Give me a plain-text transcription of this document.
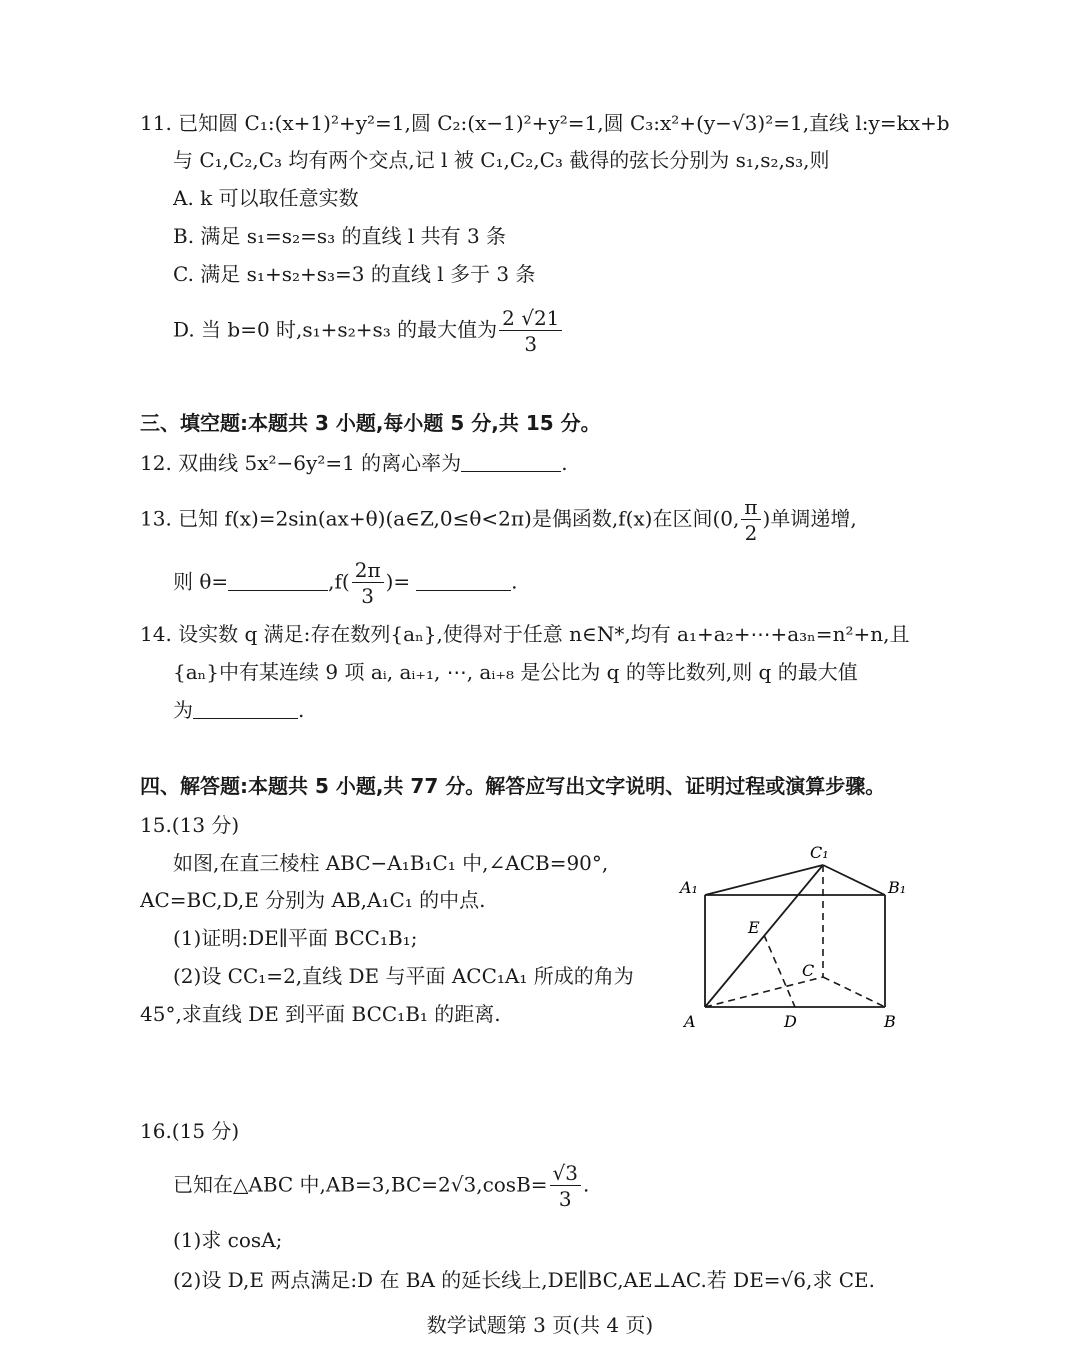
11. 已知圆 C₁:(x+1)²+y²=1,圆 C₂:(x−1)²+y²=1,圆 C₃:x²+(y−√3)²=1,直线 l:y=kx+b
与 C₁,C₂,C₃ 均有两个交点,记 l 被 C₁,C₂,C₃ 截得的弦长分别为 s₁,s₂,s₃,则
A. k 可以取任意实数
B. 满足 s₁=s₂=s₃ 的直线 l 共有 3 条
C. 满足 s₁+s₂+s₃=3 的直线 l 多于 3 条
D. 当 b=0 时,s₁+s₂+s₃ 的最大值为 $\frac{2 √21}{3}$
三、填空题:本题共 3 小题,每小题 5 分,共 15 分。
12. 双曲线 5x²−6y²=1 的离心率为	.
13. 已知 f(x)=2sin(ax+θ)(a∈Z,0≤θ<2π)是偶函数,f(x)在区间(0, $\frac{\pi}{2}$ )单调递增,
则 θ=	$,f( \frac{2\pi}{3}$ )=	.
14. 设实数 q 满足:存在数列{aₙ},使得对于任意 n∈N*,均有 a₁+a₂+⋯+a₃ₙ=n²+n,且
{aₙ}中有某连续 9 项 aᵢ, aᵢ₊₁, ⋯, aᵢ₊₈ 是公比为 q 的等比数列,则 q 的最大值
为	.
四、解答题:本题共 5 小题,共 77 分。解答应写出文字说明、证明过程或演算步骤。
15.(13 分)
如图,在直三棱柱 ABC−A₁B₁C₁ 中,∠ACB=90°,
AC=BC,D,E 分别为 AB,A₁C₁ 的中点.
(1)证明:DE∥平面 BCC₁B₁;
(2)设 CC₁=2,直线 DE 与平面 ACC₁A₁ 所成的角为
45°,求直线 DE 到平面 BCC₁B₁ 的距离.
C₁
A₁	B₁
E
C
A	D	B
16.(15 分)
已知在△ABC 中$,AB=3,BC=2√3,\cos B= \frac{√3}{3}$ .
(1)求 cosA;
(2)设 D,E 两点满足:D 在 BA 的延长线上,DE∥BC,AE⊥AC.若 DE=√6,求 CE.
数学试题第 3 页(共 4 页)
